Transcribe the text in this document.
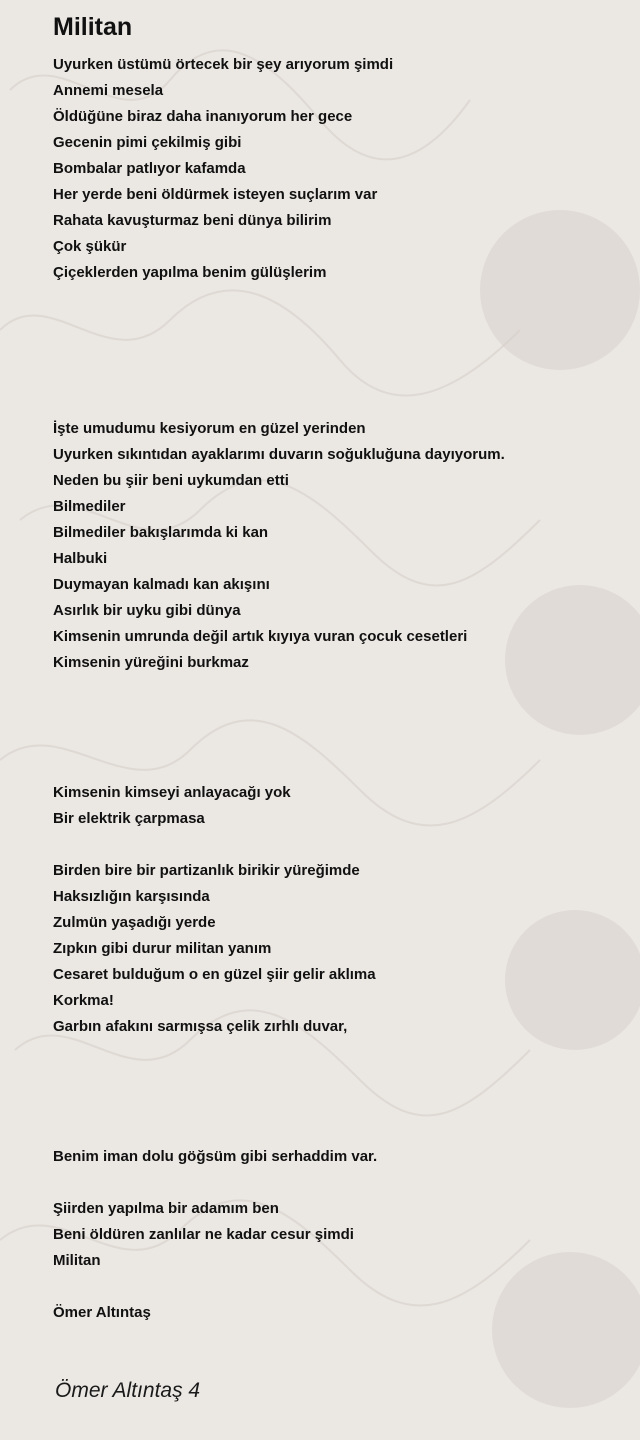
Militan
Uyurken üstümü örtecek bir şey arıyorum şimdi
Annemi mesela
Öldüğüne biraz daha inanıyorum her gece
Gecenin pimi çekilmiş gibi
Bombalar patlıyor kafamda
Her yerde beni öldürmek isteyen suçlarım var
Rahata kavuşturmaz beni dünya bilirim
Çok şükür
Çiçeklerden yapılma benim gülüşlerim
İşte umudumu kesiyorum en güzel yerinden
Uyurken sıkıntıdan ayaklarımı duvarın soğukluğuna dayıyorum.
Neden bu şiir beni uykumdan etti
Bilmediler
Bilmediler bakışlarımda ki kan
Halbuki
Duymayan kalmadı kan akışını
Asırlık bir uyku gibi dünya
Kimsenin umrunda değil artık kıyıya vuran çocuk cesetleri
Kimsenin yüreğini burkmaz
Kimsenin kimseyi anlayacağı yok
Bir elektrik çarpmasa
Birden bire bir partizanlık birikir yüreğimde
Haksızlığın karşısında
Zulmün yaşadığı yerde
Zıpkın gibi durur militan yanım
Cesaret bulduğum o en güzel şiir gelir aklıma
Korkma!
Garbın afakını sarmışsa çelik zırhlı duvar,
Benim iman dolu göğsüm gibi serhaddim var.
Şiirden yapılma bir adamım ben
Beni öldüren zanlılar ne kadar cesur şimdi
Militan
Ömer Altıntaş
Ömer Altıntaş 4
